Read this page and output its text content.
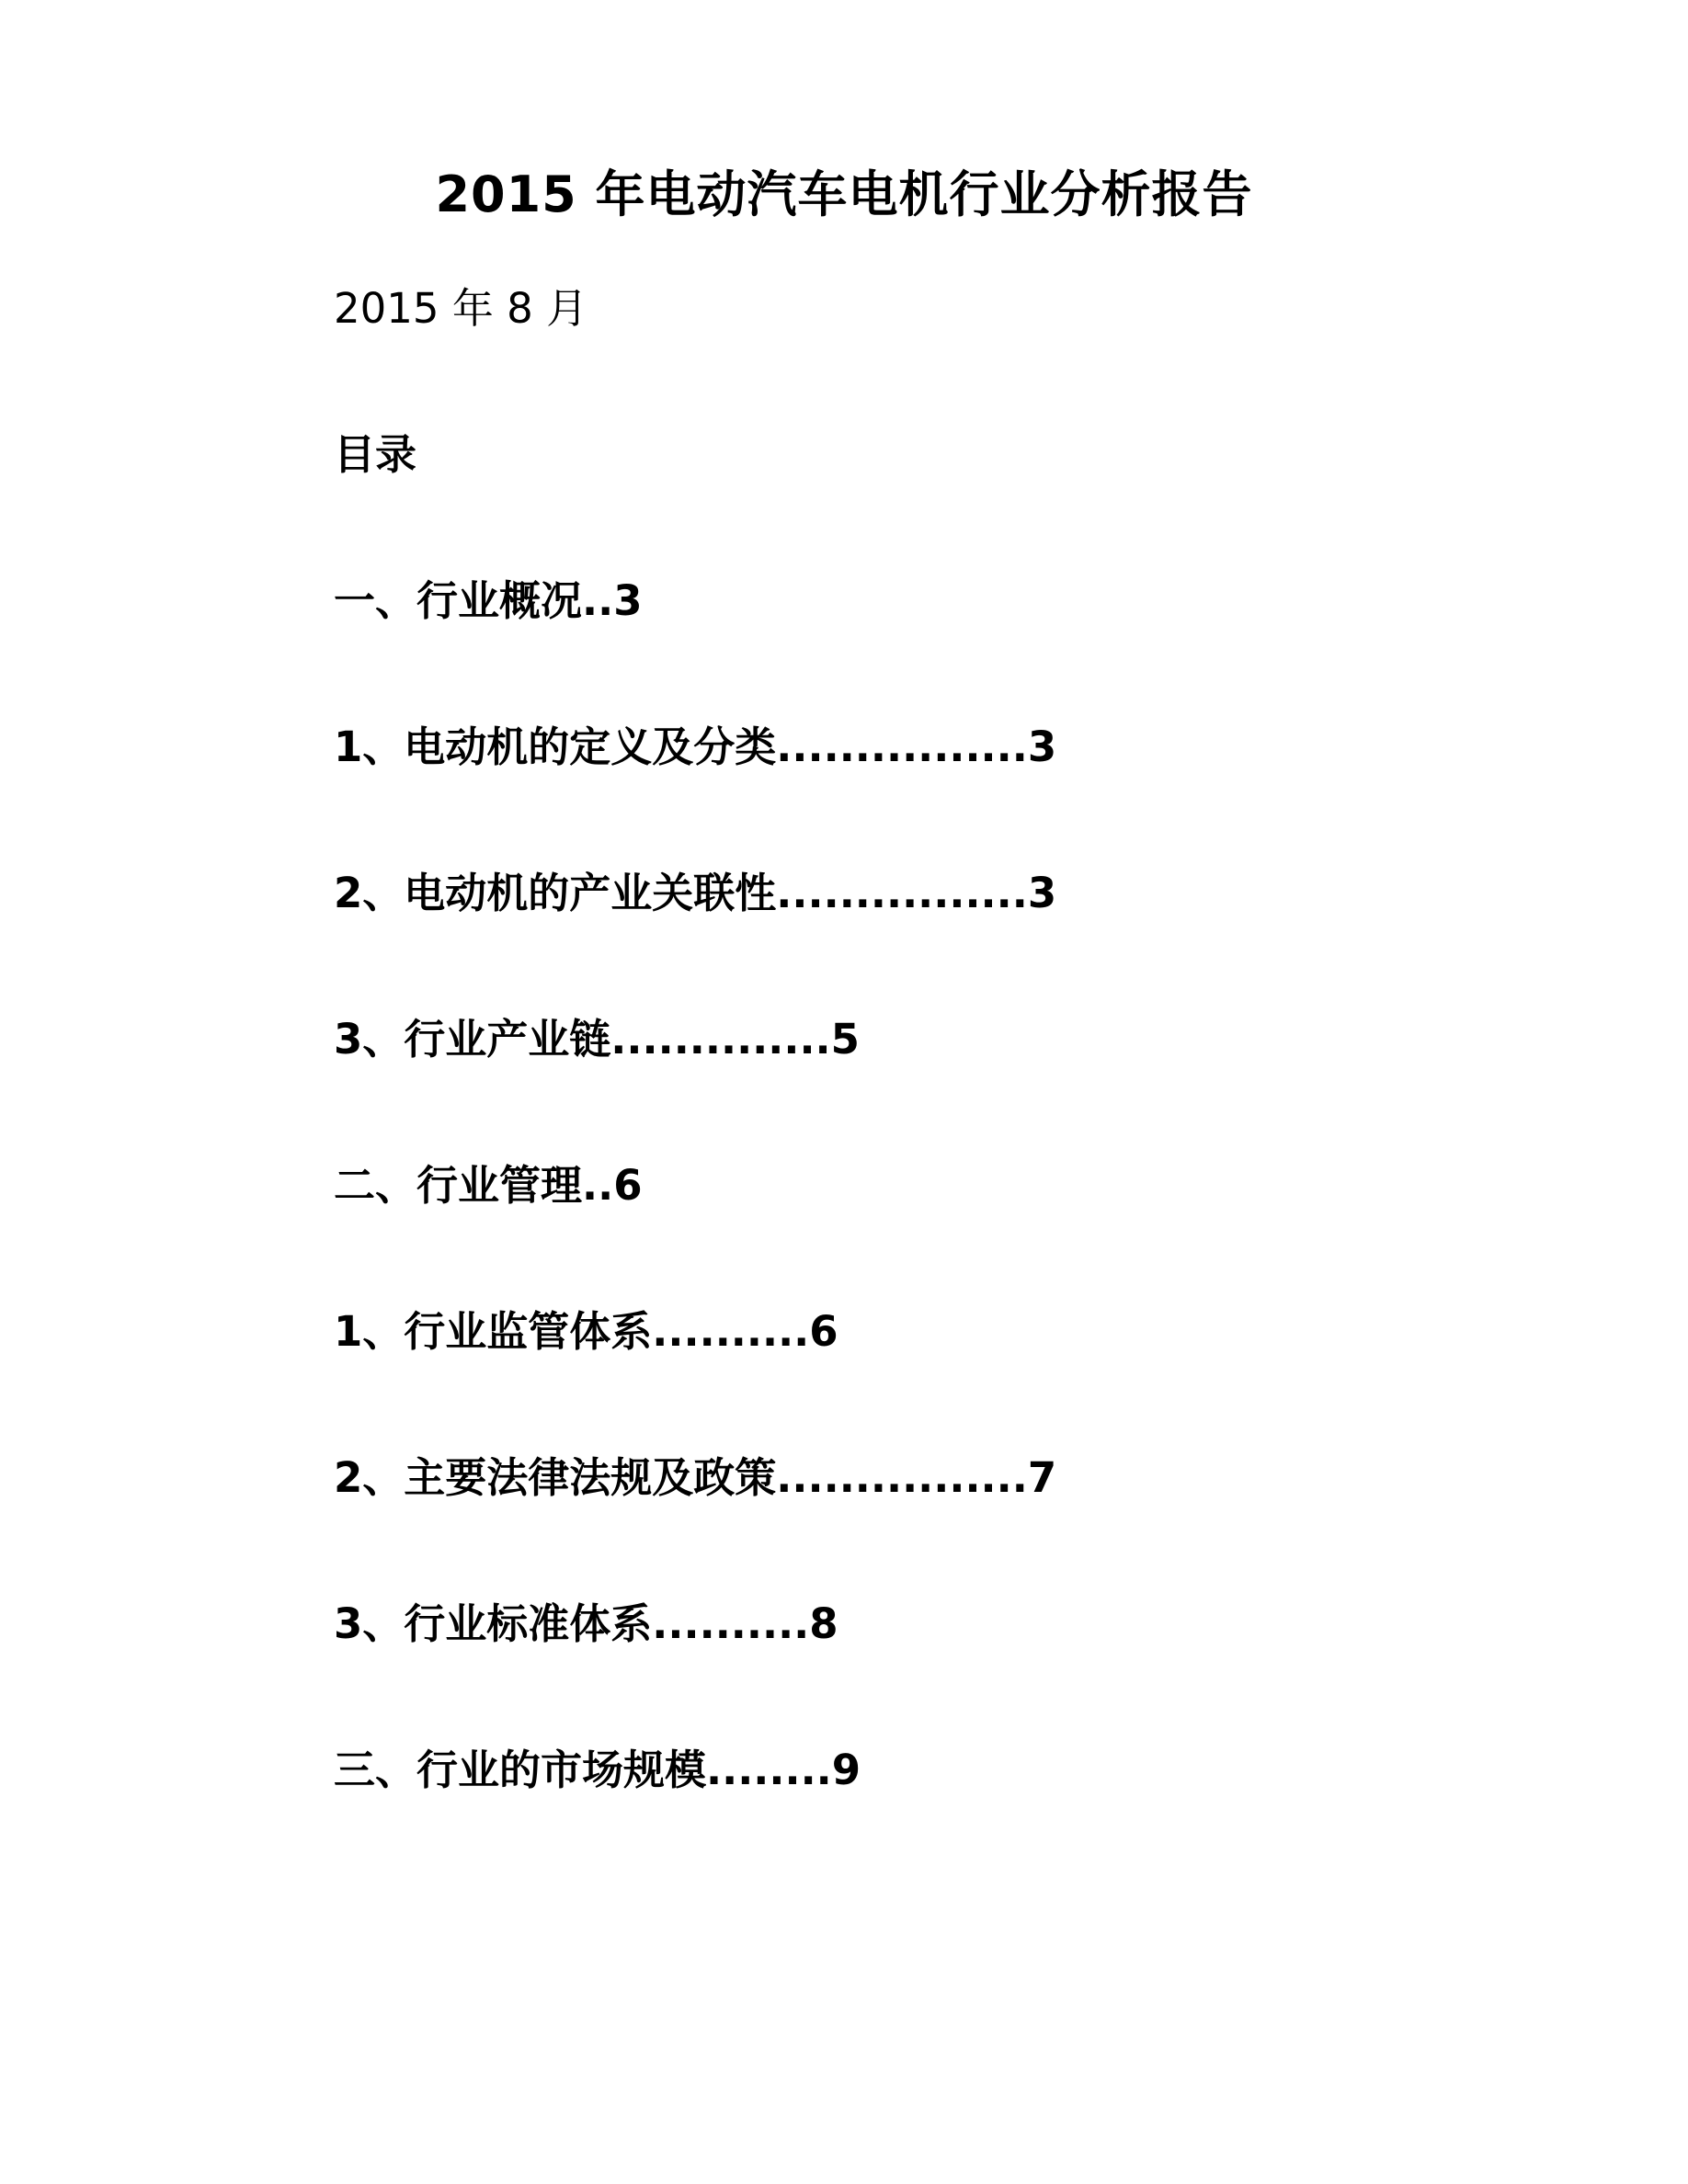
2015 年电动汽车电机行业分析报告
2015 年 8 月
目录
一、行业概况..3
1、电动机的定义及分类................3
2、电动机的产业关联性................3
3、行业产业链..............5
二、行业管理..6
1、行业监管体系..........6
2、主要法律法规及政策................7
3、行业标准体系..........8
三、行业的市场规模........9
